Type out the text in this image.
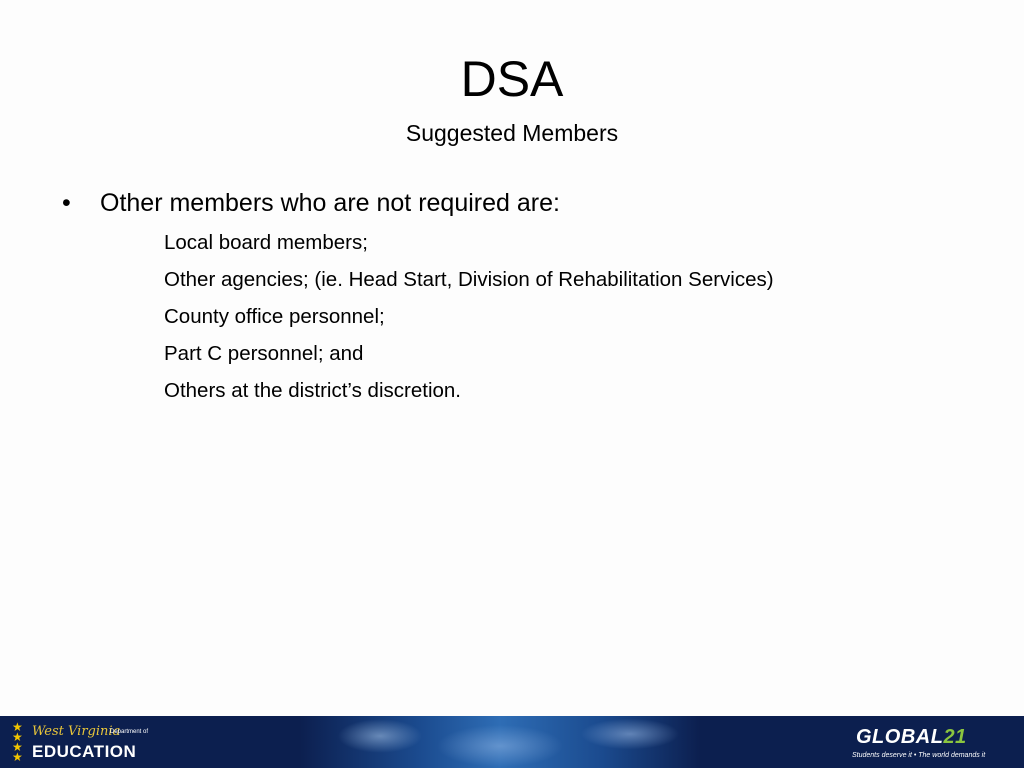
DSA
Suggested Members
• Other members who are not required are:
Local board members;
Other agencies; (ie. Head Start, Division of Rehabilitation Services)
County office personnel;
Part C personnel; and
Others at the district’s discretion.
★
★ ★
★
West Virginia
Department of
EDUCATION
GLOBAL21
Students deserve it • The world demands it
